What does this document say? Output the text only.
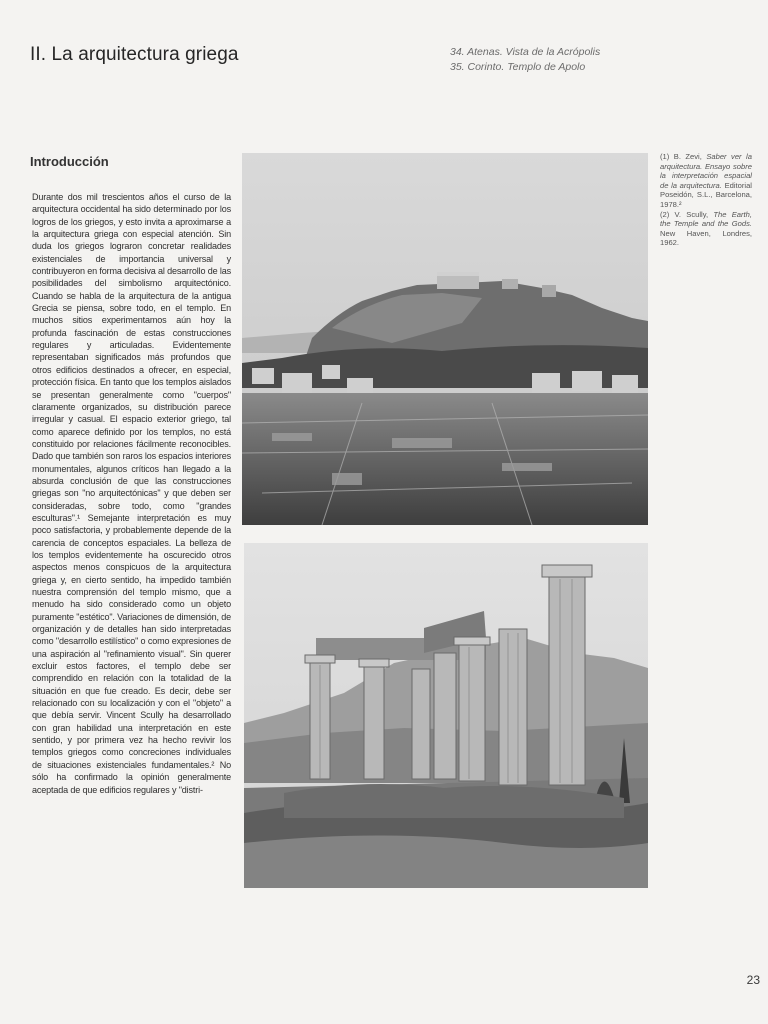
II. La arquitectura griega	34. Atenas. Vista de la Acrópolis
35. Corinto. Templo de Apolo
Introducción

Durante dos mil trescientos años el curso de la arquitectura occidental ha sido determinado por los logros de los griegos, y esto invita a aproximarse a la arquitectura griega con especial atención. Sin duda los griegos lograron concretar realidades existenciales de importancia universal y contribuyeron en forma decisiva al desarrollo de las posibilidades del simbolismo arquitectónico. Cuando se habla de la arquitectura de la antigua Grecia se piensa, sobre todo, en el templo. En muchos sitios experimentamos aún hoy la profunda fascinación de estas construcciones regulares y articuladas. Evidentemente representaban significados más profundos que otros edificios destinados a ofrecer, en especial, protección física. En tanto que los templos aislados se presentan generalmente como "cuerpos" claramente organizados, su distribución parece irregular y casual. El espacio exterior griego, tal como aparece definido por los templos, no está constituido por relaciones fácilmente reconocibles. Dado que también son raros los espacios interiores monumentales, algunos críticos han llegado a la absurda conclusión de que las construcciones griegas son "no arquitectónicas" y que deben ser consideradas, sobre todo, como "grandes esculturas".¹ Semejante interpretación es muy poco satisfactoria, y probablemente depende de la carencia de conceptos espaciales. La belleza de los templos evidentemente ha oscurecido otros aspectos menos conspicuos de la arquitectura griega y, en cierto sentido, ha impedido también nuestra comprensión del templo mismo, que a menudo ha sido considerado como un objeto puramente "estético". Variaciones de dimensión, de organización y de detalles han sido interpretadas como "desarrollo estilístico" o como expresiones de una aspiración al "refinamiento visual". Sin querer excluir estos factores, el templo debe ser comprendido en relación con la totalidad de la situación en que fue creado. Es decir, debe ser relacionado con su localización y con el "objeto" a que debía servir. Vincent Scully ha desarrollado con gran habilidad una interpretación en este sentido, y por primera vez ha hecho revivir los templos griegos como concreciones individuales de situaciones existenciales fundamentales.² No sólo ha confirmado la opinión generalmente aceptada de que edificios regulares y "distri-

(1) B. Zevi, Saber ver la arquitectura. Ensayo sobre la interpretación espacial de la arquitectura. Editorial Poseidón, S.L., Barcelona, 1978.²

(2) V. Scully, The Earth, the Temple and the Gods. New Haven, Londres, 1962.

23
